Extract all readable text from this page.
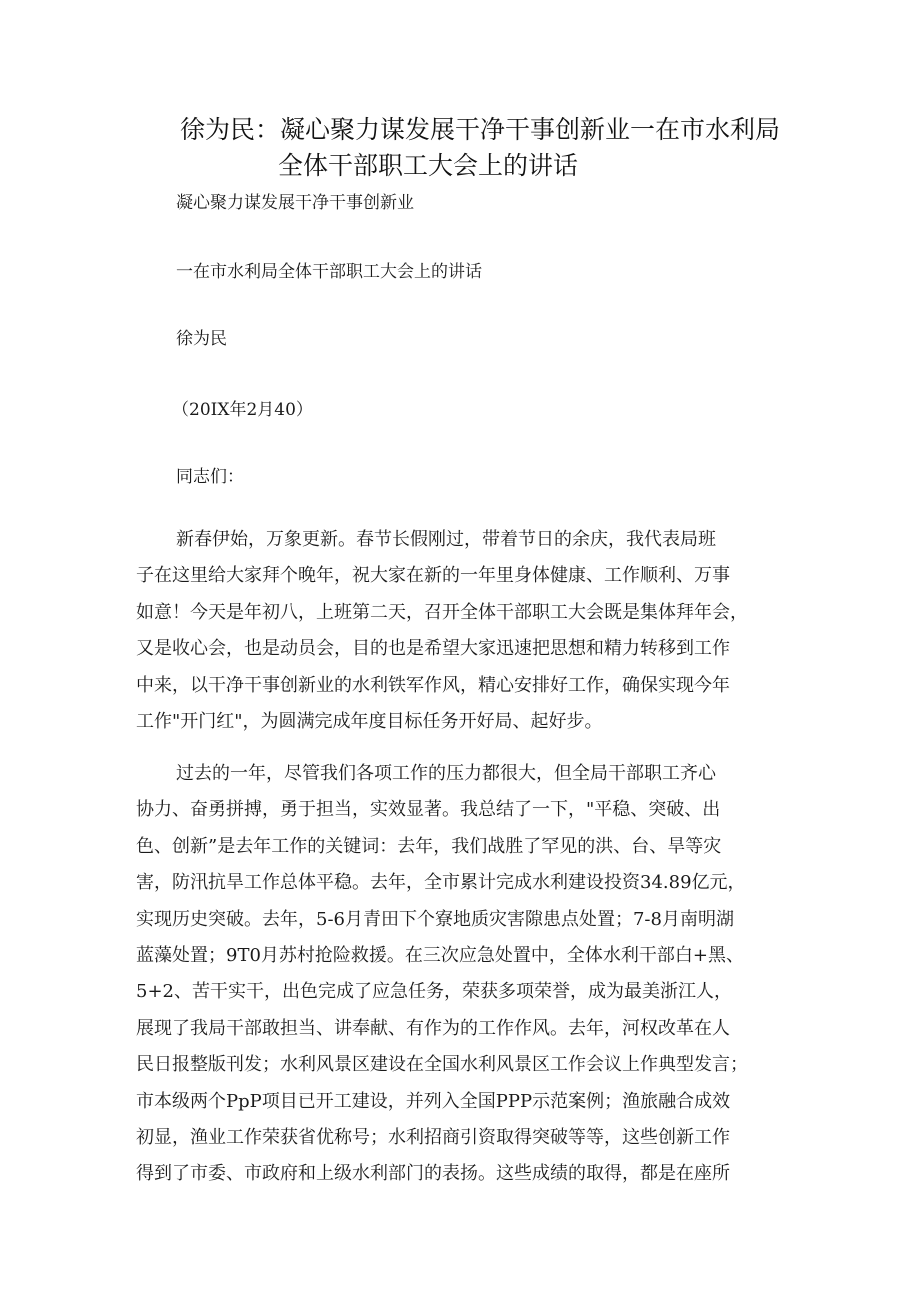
徐为民：凝心聚力谋发展干净干事创新业一在市水利局
全体干部职工大会上的讲话

凝心聚力谋发展干净干事创新业

一在市水利局全体干部职工大会上的讲话

徐为民

（20IX年2月40）

同志们：

新春伊始，万象更新。春节长假刚过，带着节日的余庆，我代表局班
子在这里给大家拜个晚年，祝大家在新的一年里身体健康、工作顺利、万事
如意！今天是年初八，上班第二天，召开全体干部职工大会既是集体拜年会，
又是收心会，也是动员会，目的也是希望大家迅速把思想和精力转移到工作
中来，以干净干事创新业的水利铁军作风，精心安排好工作，确保实现今年
工作"开门红"，为圆满完成年度目标任务开好局、起好步。
过去的一年，尽管我们各项工作的压力都很大，但全局干部职工齐心
协力、奋勇拼搏，勇于担当，实效显著。我总结了一下，"平稳、突破、出
色、创新”是去年工作的关键词：去年，我们战胜了罕见的洪、台、旱等灾
害，防汛抗旱工作总体平稳。去年，全市累计完成水利建设投资34.89亿元，
实现历史突破。去年，5-6月青田下个寮地质灾害隙患点处置；7-8月南明湖
蓝藻处置；9T0月苏村抢险救援。在三次应急处置中，全体水利干部白+黑、
5+2、苦干实干，出色完成了应急任务，荣获多项荣誉，成为最美浙江人，
展现了我局干部敢担当、讲奉献、有作为的工作作风。去年，河权改革在人
民日报整版刊发；水利风景区建设在全国水利风景区工作会议上作典型发言；
市本级两个PpP项目已开工建设，并列入全国PPP示范案例；渔旅融合成效
初显，渔业工作荣获省优称号；水利招商引资取得突破等等，这些创新工作
得到了市委、市政府和上级水利部门的表扬。这些成绩的取得，都是在座所
